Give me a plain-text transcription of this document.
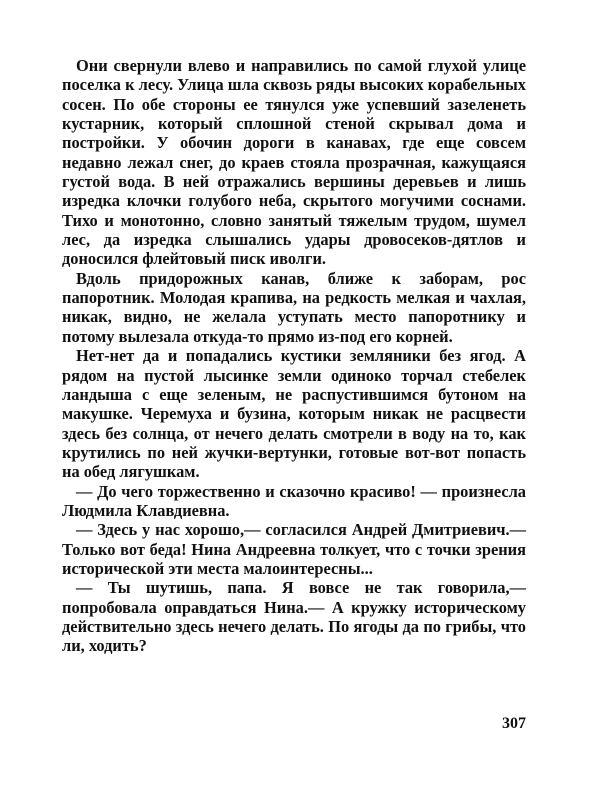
Они свернули влево и направились по самой глухой улице поселка к лесу. Улица шла сквозь ряды высоких корабельных сосен. По обе стороны ее тянулся уже успевший зазеленеть кустарник, который сплошной стеной скрывал дома и постройки. У обочин дороги в канавах, где еще совсем недавно лежал снег, до краев стояла прозрачная, кажущаяся густой вода. В ней отражались вершины деревьев и лишь изредка клочки голубого неба, скрытого могучими соснами. Тихо и монотонно, словно занятый тяжелым трудом, шумел лес, да изредка слышались удары дровосеков-дятлов и доносился флейтовый писк иволги.

Вдоль придорожных канав, ближе к заборам, рос папоротник. Молодая крапива, на редкость мелкая и чахлая, никак, видно, не желала уступать место папоротнику и потому вылезала откуда-то прямо из-под его корней.

Нет-нет да и попадались кустики земляники без ягод. А рядом на пустой лысинке земли одиноко торчал стебелек ландыша с еще зеленым, не распустившимся бутоном на макушке. Черемуха и бузина, которым никак не расцвести здесь без солнца, от нечего делать смотрели в воду на то, как крутились по ней жучки-вертунки, готовые вот-вот попасть на обед лягушкам.

— До чего торжественно и сказочно красиво! — произнесла Людмила Клавдиевна.

— Здесь у нас хорошо,— согласился Андрей Дмитриевич.— Только вот беда! Нина Андреевна толкует, что с точки зрения исторической эти места малоинтересны...

— Ты шутишь, папа. Я вовсе не так говорила,— попробовала оправдаться Нина.— А кружку историческому действительно здесь нечего делать. По ягоды да по грибы, что ли, ходить?

307
